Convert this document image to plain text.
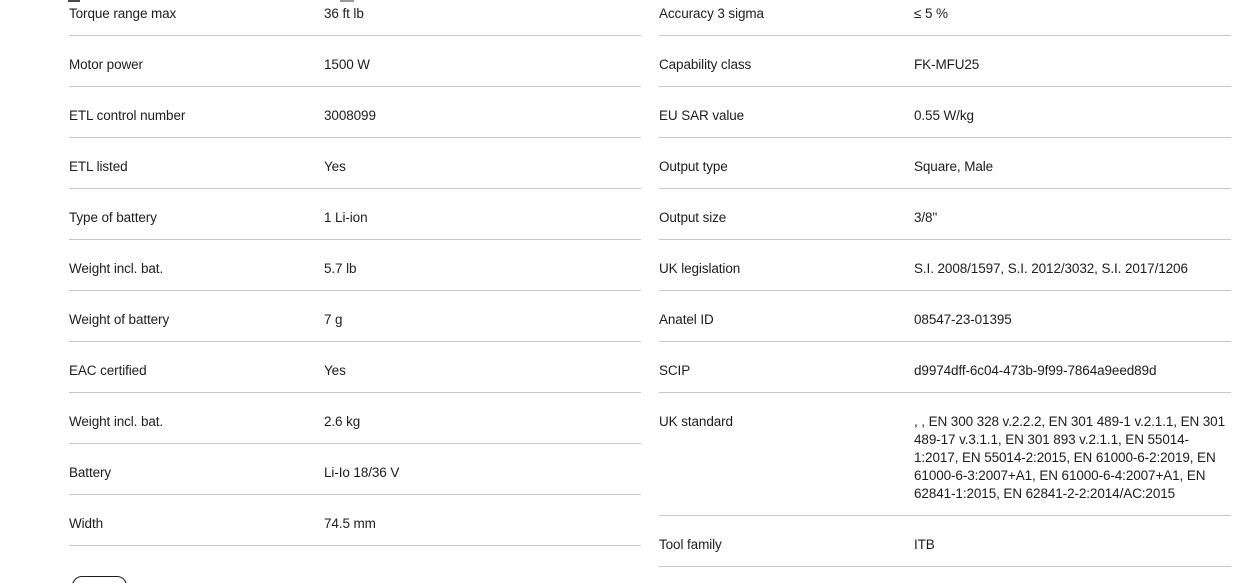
Torque range max	36 ft lb
Motor power	1500 W
ETL control number	3008099
ETL listed	Yes
Type of battery	1 Li-ion
Weight incl. bat.	5.7 lb
Weight of battery	7 g
EAC certified	Yes
Weight incl. bat.	2.6 kg
Battery	Li-Io 18/36 V
Width	74.5 mm
Accuracy 3 sigma	≤ 5 %
Capability class	FK-MFU25
EU SAR value	0.55 W/kg
Output type	Square, Male
Output size	3/8"
UK legislation	S.I. 2008/1597, S.I. 2012/3032, S.I. 2017/1206
Anatel ID	08547-23-01395
SCIP	d9974dff-6c04-473b-9f99-7864a9eed89d
UK standard	, , EN 300 328 v.2.2.2, EN 301 489-1 v.2.1.1, EN 301 489-17 v.3.1.1, EN 301 893 v.2.1.1, EN 55014-1:2017, EN 55014-2:2015, EN 61000-6-2:2019, EN 61000-6-3:2007+A1, EN 61000-6-4:2007+A1, EN 62841-1:2015, EN 62841-2-2:2014/AC:2015
Tool family	ITB
